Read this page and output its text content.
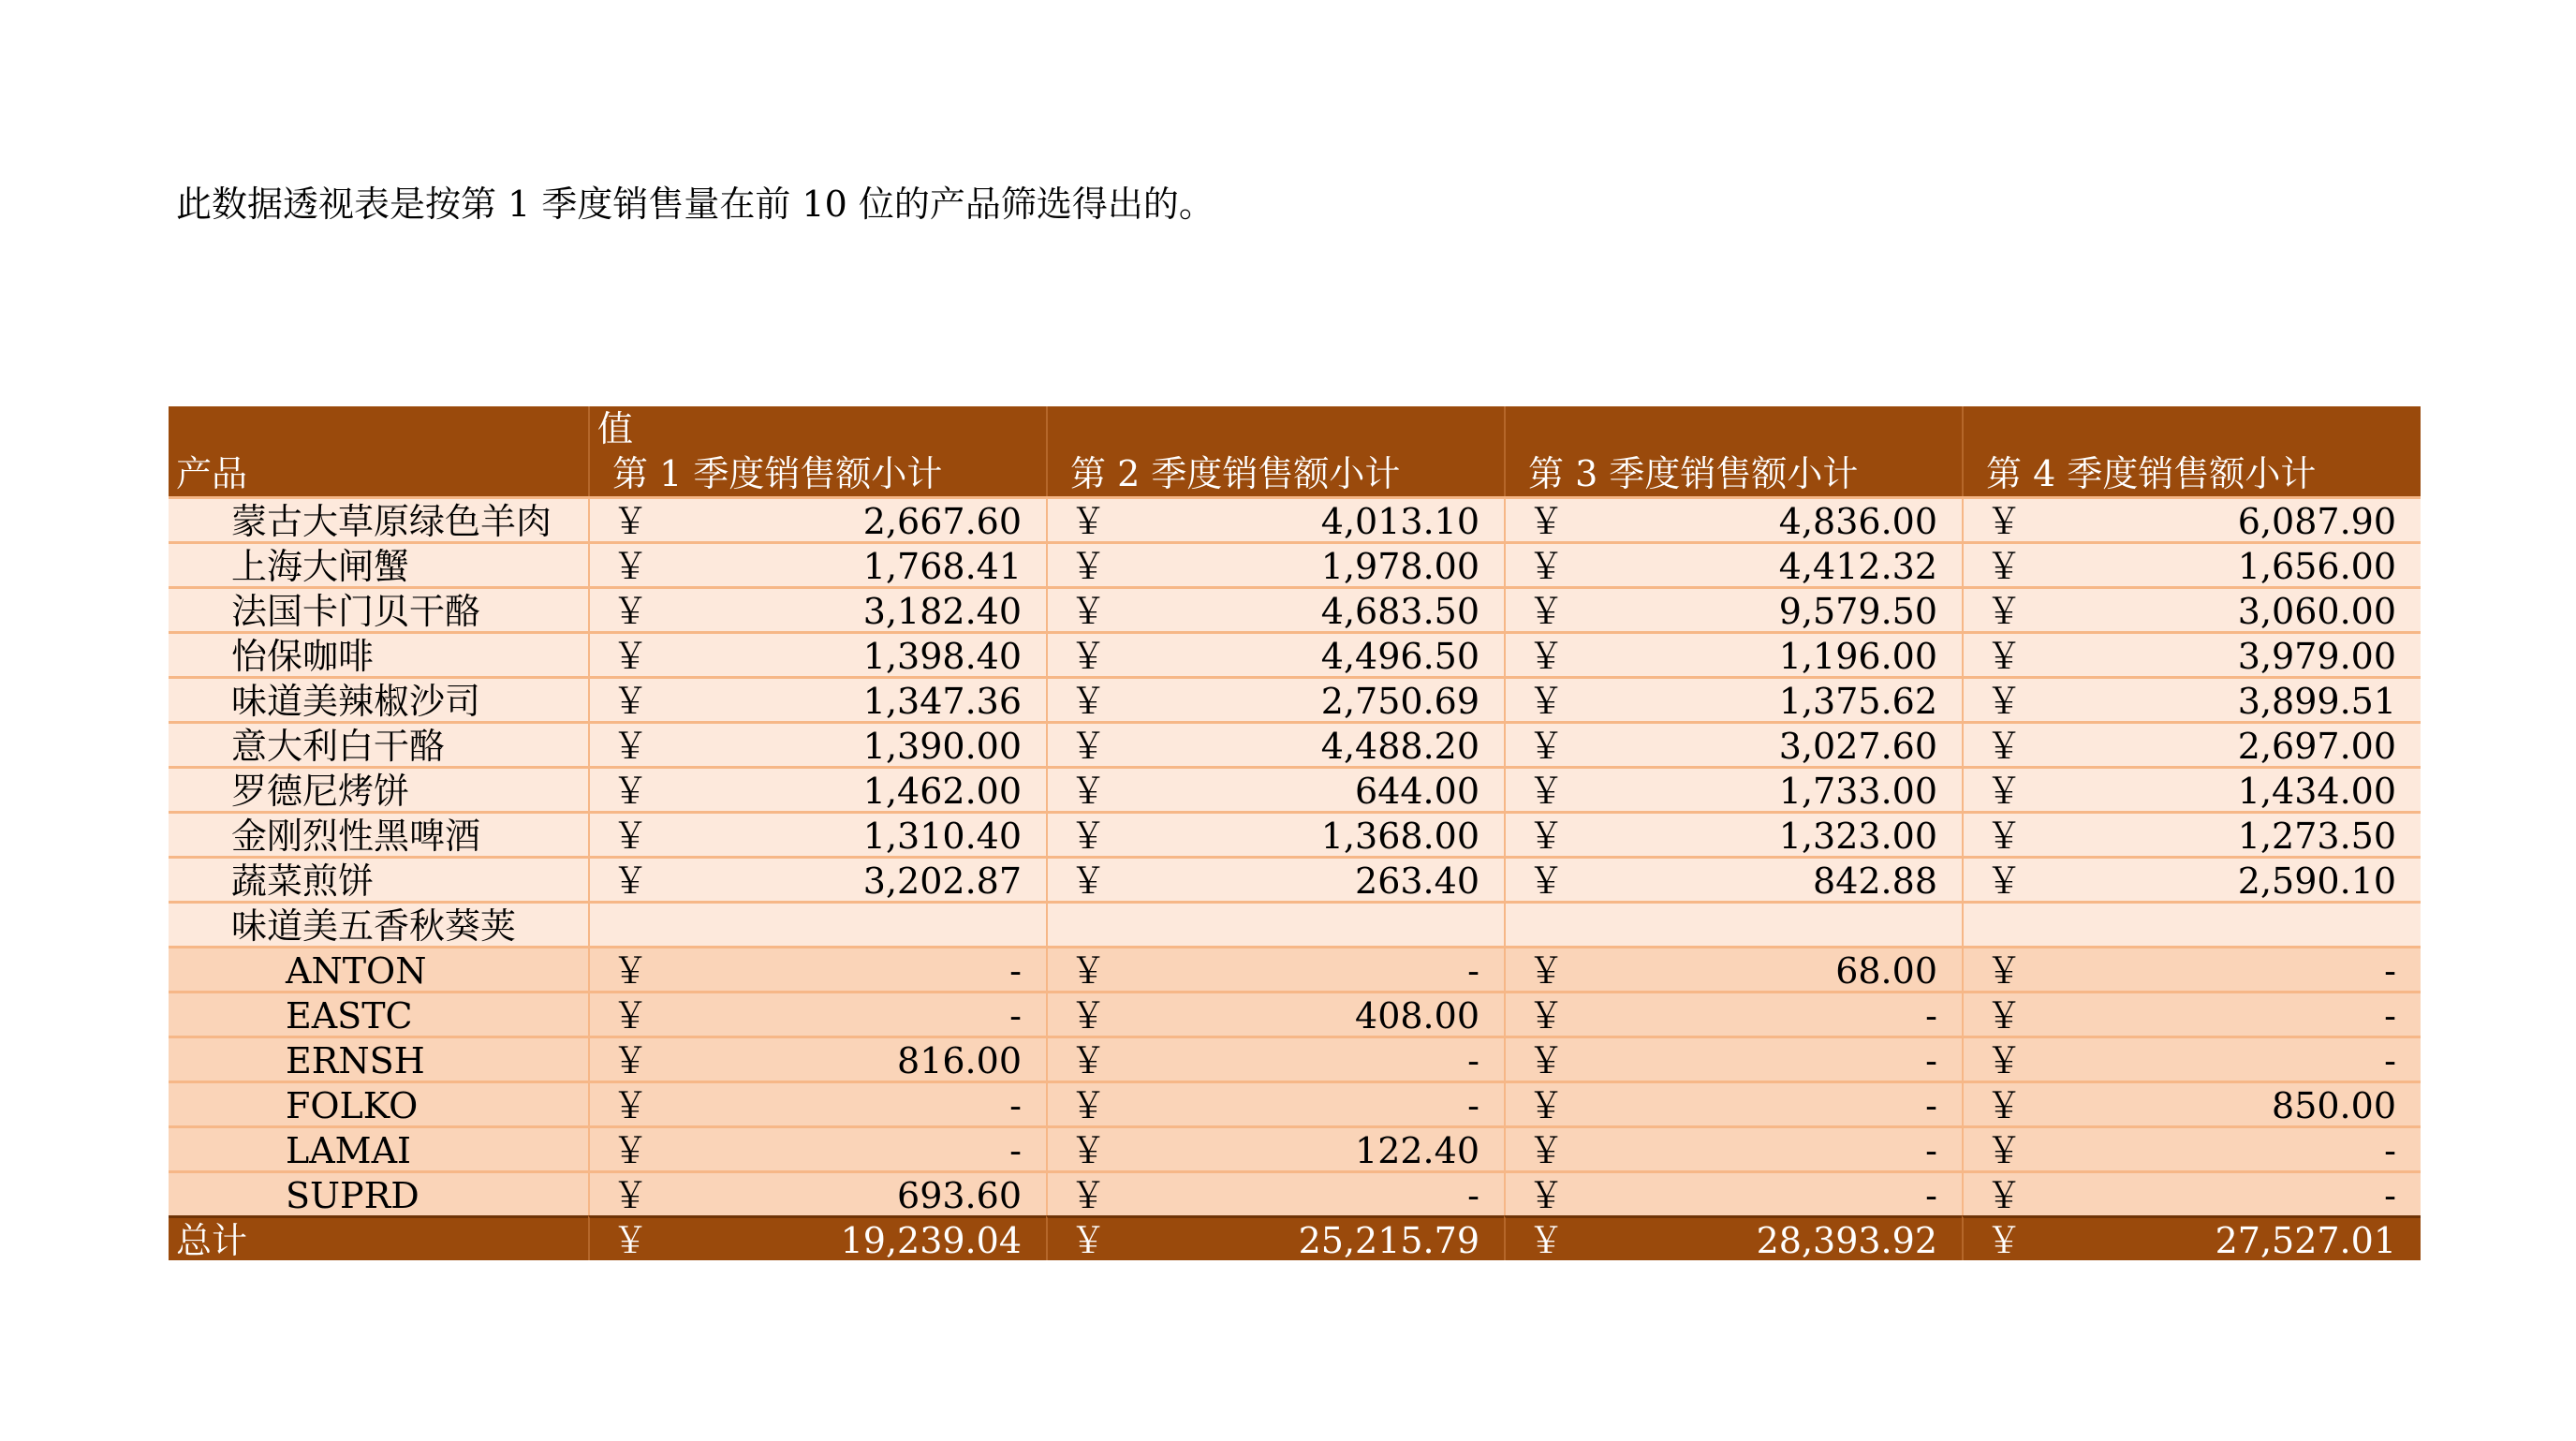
此数据透视表是按第 1 季度销售量在前 10 位的产品筛选得出的。
产品
值
第 1 季度销售额小计	第 2 季度销售额小计	第 3 季度销售额小计	第 4 季度销售额小计
蒙古大草原绿色羊肉 ￥	2,667.60 ￥	4,013.10 ￥	4,836.00 ￥	6,087.90
上海大闸蟹	￥	1,768.41 ￥	1,978.00 ￥	4,412.32 ￥	1,656.00
法国卡门贝干酪	￥	3,182.40 ￥	4,683.50 ￥	9,579.50 ￥	3,060.00
怡保咖啡	￥	1,398.40 ￥	4,496.50 ￥	1,196.00 ￥	3,979.00
味道美辣椒沙司	￥	1,347.36 ￥	2,750.69 ￥	1,375.62 ￥	3,899.51
意大利白干酪	￥	1,390.00 ￥	4,488.20 ￥	3,027.60 ￥	2,697.00
罗德尼烤饼	￥	1,462.00 ￥	644.00 ￥	1,733.00 ￥	1,434.00
金刚烈性黑啤酒	￥	1,310.40 ￥	1,368.00 ￥	1,323.00 ￥	1,273.50
蔬菜煎饼	￥	3,202.87 ￥	263.40 ￥	842.88 ￥	2,590.10
味道美五香秋葵荚
ANTON	￥	- ￥	- ￥	68.00 ￥	-
EASTC	￥	- ￥	408.00 ￥	- ￥	-
ERNSH	￥	816.00 ￥	- ￥	- ￥	-
FOLKO	￥	- ￥	- ￥	- ￥	850.00
LAMAI	￥	- ￥	122.40 ￥	- ￥	-
SUPRD	￥	693.60 ￥	- ￥	- ￥	-
总计	￥	19,239.04 ￥	25,215.79 ￥	28,393.92 ￥	27,527.01
